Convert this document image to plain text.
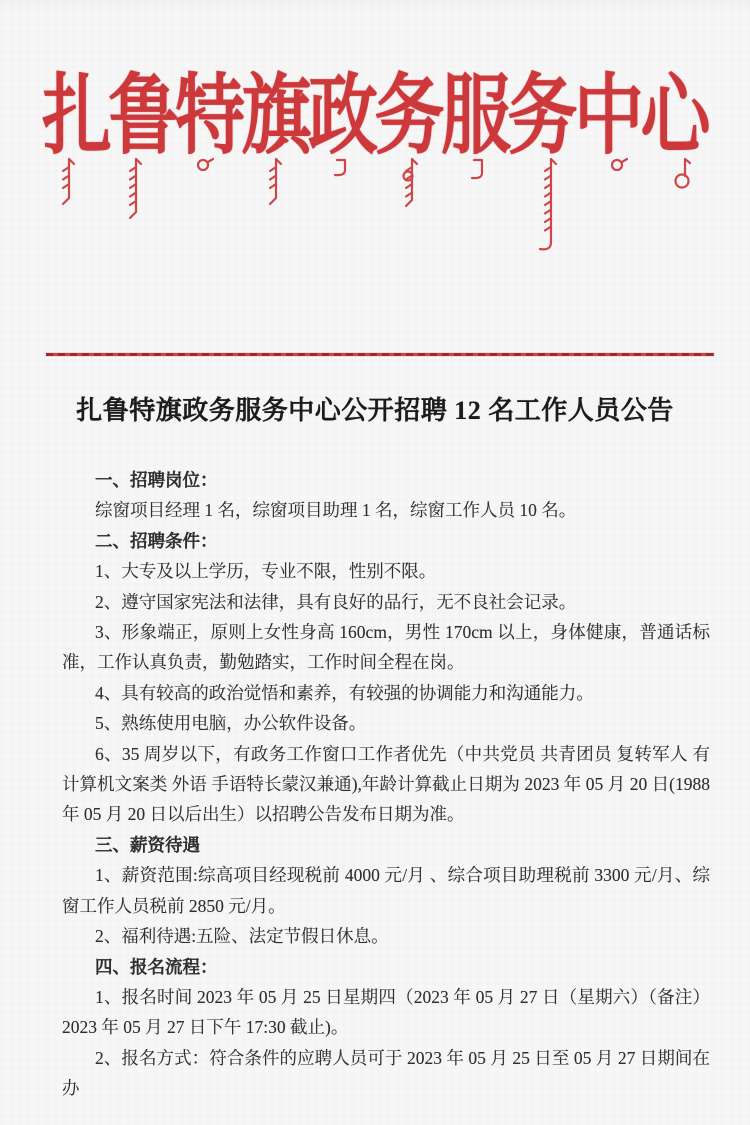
扎鲁特旗政务服务中心
扎鲁特旗政务服务中心公开招聘 12 名工作人员公告

一、招聘岗位：

综窗项目经理 1 名，综窗项目助理 1 名，综窗工作人员 10 名。

二、招聘条件：

1、大专及以上学历，专业不限，性别不限。

2、遵守国家宪法和法律，具有良好的品行，无不良社会记录。

3、形象端正，原则上女性身高 160cm，男性 170cm 以上，身体健康，普通话标准，工作认真负责，勤勉踏实，工作时间全程在岗。

4、具有较高的政治觉悟和素养，有较强的协调能力和沟通能力。

5、熟练使用电脑，办公软件设备。

6、35 周岁以下，有政务工作窗口工作者优先（中共党员 共青团员 复转军人 有计算机文案类 外语 手语特长蒙汉兼通),年龄计算截止日期为 2023 年 05 月 20 日(1988 年 05 月 20 日以后出生）以招聘公告发布日期为准。

三、薪资待遇

1、薪资范围:综高项目经现税前 4000 元/月 、综合项目助理税前 3300 元/月、综窗工作人员税前 2850 元/月。

2、福利待遇:五险、法定节假日休息。

四、报名流程：

1、报名时间 2023 年 05 月 25 日星期四（2023 年 05 月 27 日（星期六）（备注）2023 年 05 月 27 日下午 17:30 截止)。

2、报名方式：符合条件的应聘人员可于 2023 年 05 月 25 日至 05 月 27 日期间在办
